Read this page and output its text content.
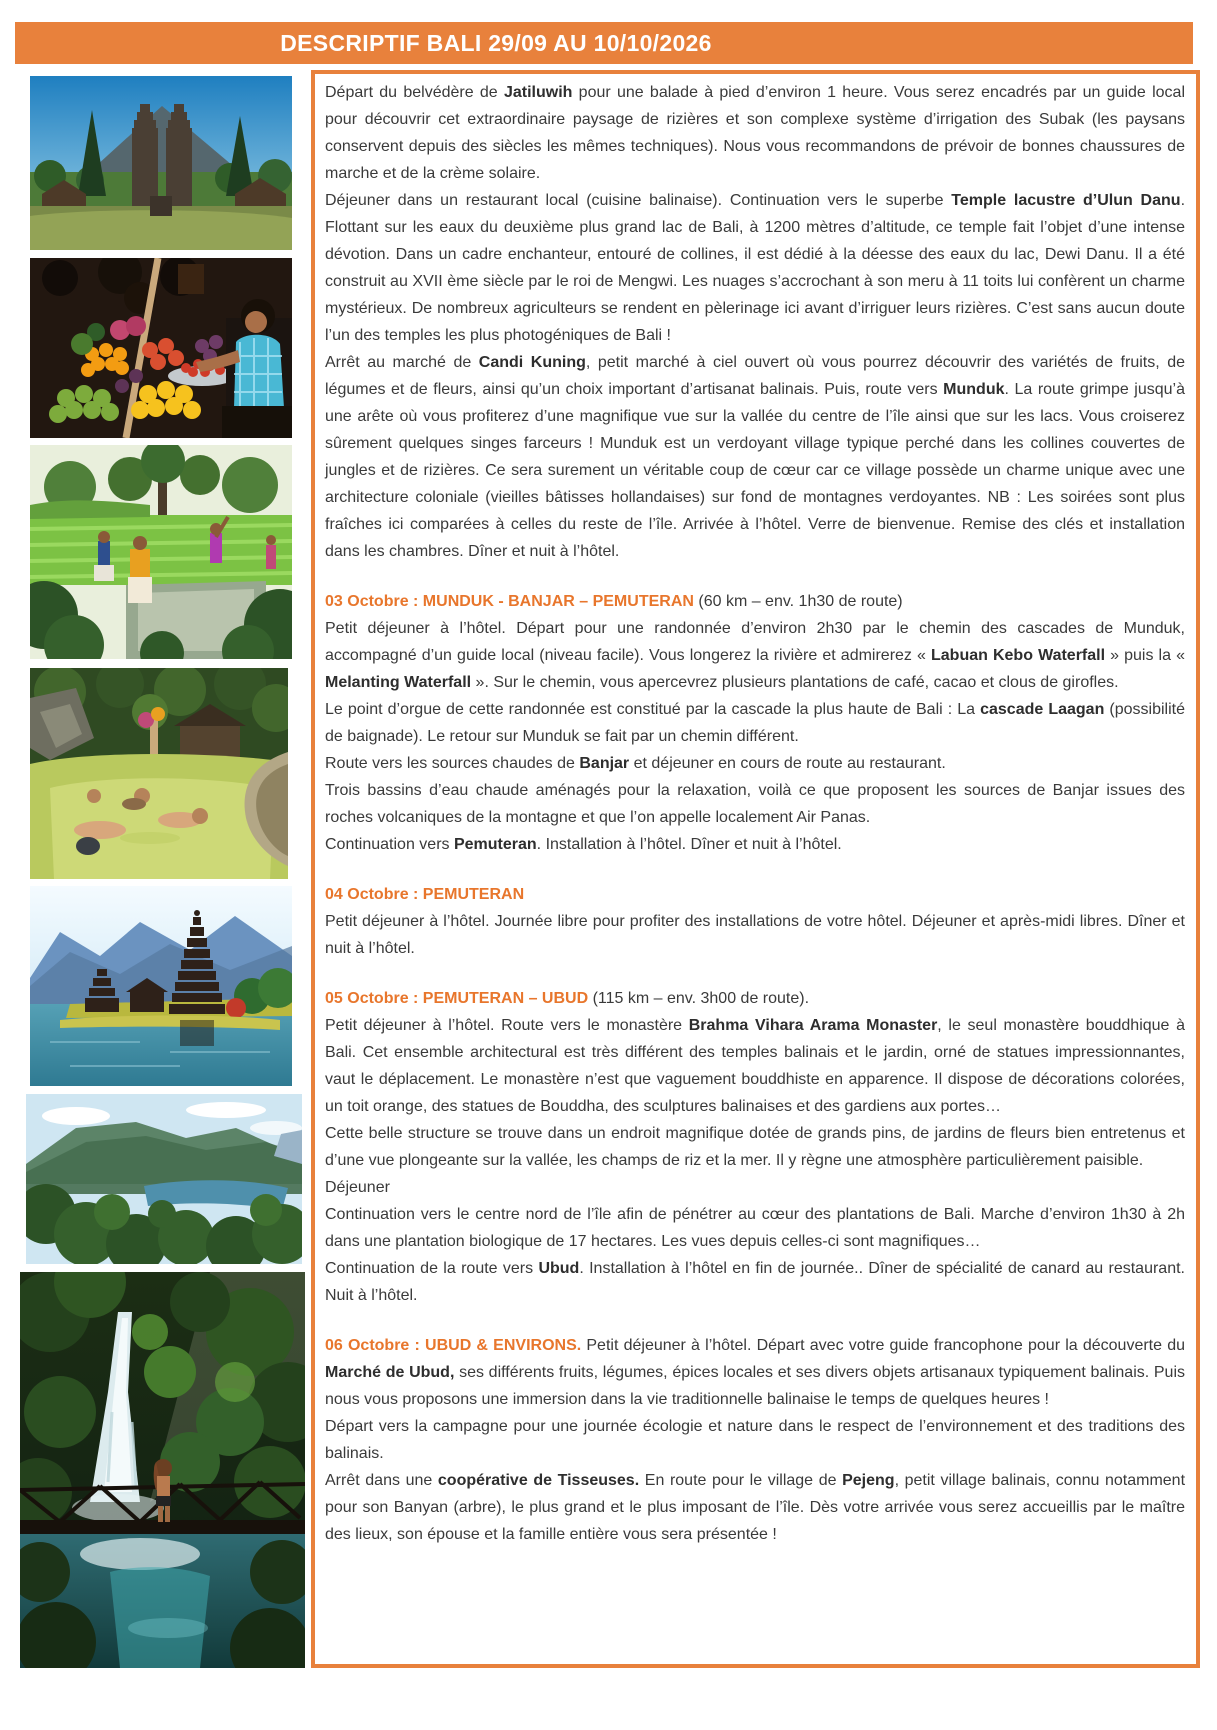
DESCRIPTIF BALI 29/09 AU 10/10/2026

Départ du belvédère de Jatiluwih pour une balade à pied d’environ 1 heure. Vous serez encadrés par un guide local pour découvrir cet extraordinaire paysage de rizières et son complexe système d’irrigation des Subak (les paysans conservent depuis des siècles les mêmes techniques). Nous vous recommandons de prévoir de bonnes chaussures de marche et de la crème solaire.

Déjeuner dans un restaurant local (cuisine balinaise). Continuation vers le superbe Temple lacustre d’Ulun Danu. Flottant sur les eaux du deuxième plus grand lac de Bali, à 1200 mètres d’altitude, ce temple fait l’objet d’une intense dévotion. Dans un cadre enchanteur, entouré de collines, il est dédié à la déesse des eaux du lac, Dewi Danu. Il a été construit au XVII ème siècle par le roi de Mengwi. Les nuages s’accrochant à son meru à 11 toits lui confèrent un charme mystérieux. De nombreux agriculteurs se rendent en pèlerinage ici avant d’irriguer leurs rizières. C’est sans aucun doute l’un des temples les plus photogéniques de Bali !

Arrêt au marché de Candi Kuning, petit marché à ciel ouvert où vous pourrez découvrir des variétés de fruits, de légumes et de fleurs, ainsi qu’un choix important d’artisanat balinais. Puis, route vers Munduk. La route grimpe jusqu’à une arête où vous profiterez d’une magnifique vue sur la vallée du centre de l’île ainsi que sur les lacs. Vous croiserez sûrement quelques singes farceurs ! Munduk est un verdoyant village typique perché dans les collines couvertes de jungles et de rizières. Ce sera surement un véritable coup de cœur car ce village possède un charme unique avec une architecture coloniale (vieilles bâtisses hollandaises) sur fond de montagnes verdoyantes. NB : Les soirées sont plus fraîches ici comparées à celles du reste de l’île. Arrivée à l’hôtel. Verre de bienvenue. Remise des clés et installation dans les chambres. Dîner et nuit à l’hôtel.

03 Octobre : MUNDUK - BANJAR – PEMUTERAN (60 km – env. 1h30 de route)

Petit déjeuner à l’hôtel. Départ pour une randonnée d’environ 2h30 par le chemin des cascades de Munduk, accompagné d’un guide local (niveau facile). Vous longerez la rivière et admirerez « Labuan Kebo Waterfall » puis la « Melanting Waterfall ». Sur le chemin, vous apercevrez plusieurs plantations de café, cacao et clous de girofles.

Le point d’orgue de cette randonnée est constitué par la cascade la plus haute de Bali : La cascade Laagan (possibilité de baignade). Le retour sur Munduk se fait par un chemin différent.

Route vers les sources chaudes de Banjar et déjeuner en cours de route au restaurant.

Trois bassins d’eau chaude aménagés pour la relaxation, voilà ce que proposent les sources de Banjar issues des roches volcaniques de la montagne et que l’on appelle localement Air Panas.

Continuation vers Pemuteran. Installation à l’hôtel. Dîner et nuit à l’hôtel.

04 Octobre : PEMUTERAN

Petit déjeuner à l’hôtel. Journée libre pour profiter des installations de votre hôtel. Déjeuner et après-midi libres. Dîner et nuit à l’hôtel.

05 Octobre : PEMUTERAN – UBUD (115 km – env. 3h00 de route).

Petit déjeuner à l’hôtel. Route vers le monastère Brahma Vihara Arama Monaster, le seul monastère bouddhique à Bali. Cet ensemble architectural est très différent des temples balinais et le jardin, orné de statues impressionnantes, vaut le déplacement. Le monastère n’est que vaguement bouddhiste en apparence. Il dispose de décorations colorées, un toit orange, des statues de Bouddha, des sculptures balinaises et des gardiens aux portes…

Cette belle structure se trouve dans un endroit magnifique dotée de grands pins, de jardins de fleurs bien entretenus et d’une vue plongeante sur la vallée, les champs de riz et la mer. Il y règne une atmosphère particulièrement paisible.

Déjeuner

Continuation vers le centre nord de l’île afin de pénétrer au cœur des plantations de Bali. Marche d’environ 1h30 à 2h dans une plantation biologique de 17 hectares. Les vues depuis celles-ci sont magnifiques…

Continuation de la route vers Ubud. Installation à l’hôtel en fin de journée.. Dîner de spécialité de canard au restaurant. Nuit à l’hôtel.

06 Octobre : UBUD & ENVIRONS. Petit déjeuner à l’hôtel. Départ avec votre guide francophone pour la découverte du Marché de Ubud, ses différents fruits, légumes, épices locales et ses divers objets artisanaux typiquement balinais. Puis nous vous proposons une immersion dans la vie traditionnelle balinaise le temps de quelques heures !

Départ vers la campagne pour une journée écologie et nature dans le respect de l’environnement et des traditions des balinais.

Arrêt dans une coopérative de Tisseuses. En route pour le village de Pejeng, petit village balinais, connu notamment pour son Banyan (arbre), le plus grand et le plus imposant de l’île. Dès votre arrivée vous serez accueillis par le maître des lieux, son épouse et la famille entière vous sera présentée !
